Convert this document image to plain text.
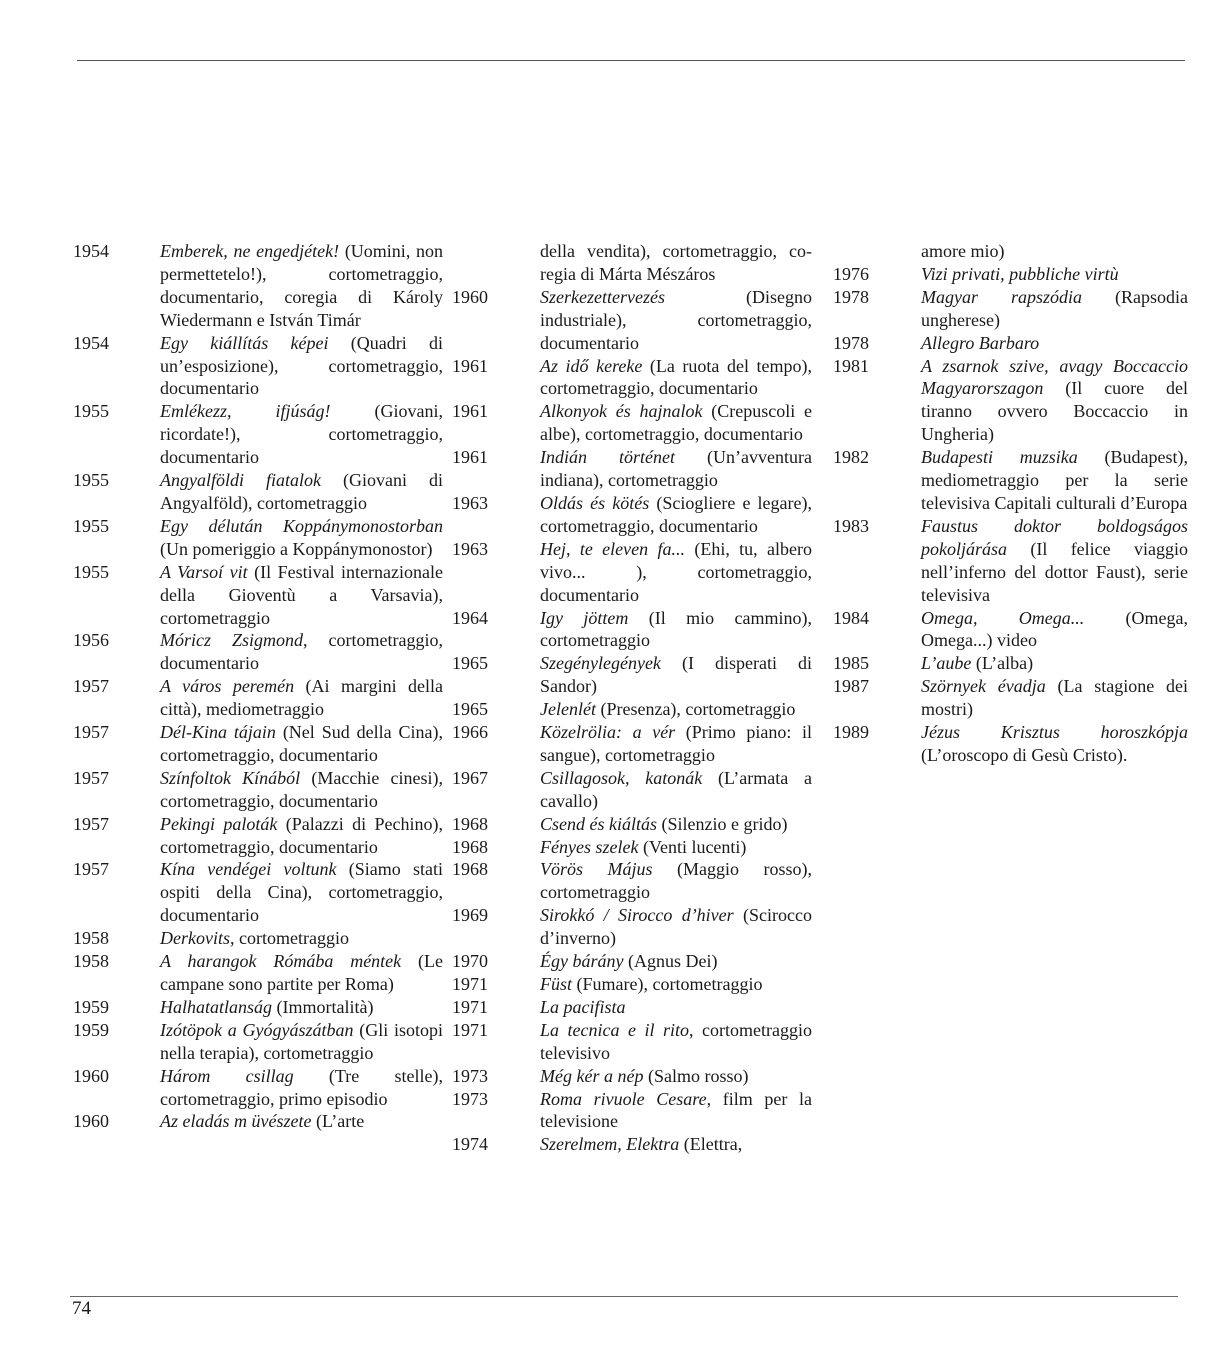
1954	Emberek, ne engedjétek! (Uomini, non permettetelo!), cortometraggio, documentario, coregia di Károly Wiedermann e István Timár
1954	Egy kiállítás képei (Quadri di un’esposizione), cortometraggio, documentario
1955	Emlékezz, ifjúság! (Giovani, ricordate!), cortometraggio, documentario
1955	Angyalföldi fiatalok (Giovani di Angyalföld), cortometraggio
1955	Egy délután Koppánymonostorban (Un pomeriggio a Koppánymonostor)
1955	A Varsoí vit (Il Festival internazionale della Gioventù a Varsavia), cortometraggio
1956	Móricz Zsigmond, cortometraggio, documentario
1957	A város peremén (Ai margini della città), mediometraggio
1957	Dél-Kina tájain (Nel Sud della Cina), cortometraggio, documentario
1957	Színfoltok Kínából (Macchie cinesi), cortometraggio, documentario
1957	Pekingi paloták (Palazzi di Pechino), cortometraggio, documentario
1957	Kína vendégei voltunk (Siamo stati ospiti della Cina), cortometraggio, documentario
1958	Derkovits, cortometraggio
1958	A harangok Rómába méntek (Le campane sono partite per Roma)
1959	Halhatatlanság (Immortalità)
1959	Izótöpok a Gyógyászátban (Gli isotopi nella terapia), cortometraggio
1960	Három csillag (Tre stelle), cortometraggio, primo episodio
1960	Az eladás m üvészete (L’arte
della vendita), cortometraggio, co-regia di Márta Mészáros
1960	Szerkezettervezés (Disegno industriale), cortometraggio, documentario
1961	Az idő kereke (La ruota del tempo), cortometraggio, documentario
1961	Alkonyok és hajnalok (Crepuscoli e albe), cortometraggio, documentario
1961	Indián történet (Un’avventura indiana), cortometraggio
1963	Oldás és kötés (Sciogliere e legare), cortometraggio, documentario
1963	Hej, te eleven fa... (Ehi, tu, albero vivo... ), cortometraggio, documentario
1964	Igy jöttem (Il mio cammino), cortometraggio
1965	Szegénylegények (I disperati di Sandor)
1965	Jelenlét (Presenza), cortometraggio
1966	Közelrölia: a vér (Primo piano: il sangue), cortometraggio
1967	Csillagosok, katonák (L’armata a cavallo)
1968	Csend és kiáltás (Silenzio e grido)
1968	Fényes szelek (Venti lucenti)
1968	Vörös Május (Maggio rosso), cortometraggio
1969	Sirokkó / Sirocco d’hiver (Scirocco d’inverno)
1970	Égy bárány (Agnus Dei)
1971	Füst (Fumare), cortometraggio
1971	La pacifista
1971	La tecnica e il rito, cortometraggio televisivo
1973	Még kér a nép (Salmo rosso)
1973	Roma rivuole Cesare, film per la televisione
1974	Szerelmem, Elektra (Elettra,
amore mio)
1976	Vizi privati, pubbliche virtù
1978	Magyar rapszódia (Rapsodia ungherese)
1978	Allegro Barbaro
1981	A zsarnok szive, avagy Boccaccio Magyarorszagon (Il cuore del tiranno ovvero Boccaccio in Ungheria)
1982	Budapesti muzsika (Budapest), mediometraggio per la serie televisiva Capitali culturali d’Europa
1983	Faustus doktor boldogságos pokoljárása (Il felice viaggio nell’inferno del dottor Faust), serie televisiva
1984	Omega, Omega... (Omega, Omega...) video
1985	L’aube (L’alba)
1987	Szörnyek évadja (La stagione dei mostri)
1989	Jézus Krisztus horoszkópja (L’oroscopo di Gesù Cristo).
74
